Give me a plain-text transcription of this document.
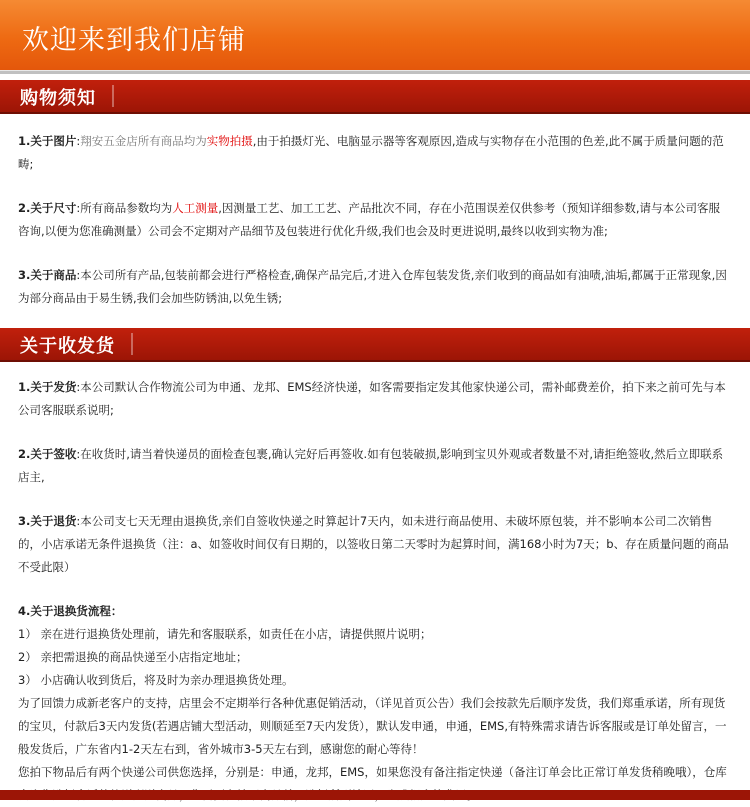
欢迎来到我们店铺
购物须知

1.关于图片:翔安五金店所有商品均为实物拍摄,由于拍摄灯光、电脑显示器等客观原因,造成与实物存在小范围的色差,此不属于质量问题的范畴;

2.关于尺寸:所有商品参数均为人工测量,因测量工艺、加工工艺、产品批次不同，存在小范围误差仅供参考（预知详细参数,请与本公司客服咨询,以便为您准确测量）公司会不定期对产品细节及包装进行优化升级,我们也会及时更进说明,最终以收到实物为准;

3.关于商品:本公司所有产品,包装前都会进行严格检查,确保产品完后,才进入仓库包装发货,亲们收到的商品如有油啧,油垢,都属于正常现象,因为部分商品由于易生锈,我们会加些防锈油,以免生锈;

关于收发货

1.关于发货:本公司默认合作物流公司为申通、龙邦、EMS经济快递，如客需要指定发其他家快递公司，需补邮费差价，拍下来之前可先与本公司客服联系说明;

2.关于签收:在收货时,请当着快递员的面检查包裹,确认完好后再签收.如有包装破损,影响到宝贝外观或者数量不对,请拒绝签收,然后立即联系店主,

3.关于退货:本公司支七天无理由退换货,亲们自签收快递之时算起计7天内，如未进行商品使用、未破坏原包装，并不影响本公司二次销售的，小店承诺无条件退换货（注：a、如签收时间仅有日期的，以签收日第二天零时为起算时间，满168小时为7天；b、存在质量问题的商品不受此限）

4.关于退换货流程：

1） 亲在进行退换货处理前，请先和客服联系，如责任在小店，请提供照片说明；

2） 亲把需退换的商品快递至小店指定地址；

3） 小店确认收到货后，将及时为亲办理退换货处理。

为了回馈力成新老客户的支持，店里会不定期举行各种优惠促销活动，（详见首页公告）我们会按款先后顺序发货，我们郑重承诺，所有现货的宝贝，付款后3天内发货(若遇店铺大型活动，则顺延至7天内发货），默认发申通，申通，EMS,有特殊需求请告诉客服或是订单处留言，一般发货后，广东省内1-2天左右到，省外城市3-5天左右到，感谢您的耐心等待！

您拍下物品后有两个快递公司供您选择，分别是：申通，龙邦，EMS，如果您没有备注指定快递（备注订单会比正常订单发货稍晚哦），仓库
